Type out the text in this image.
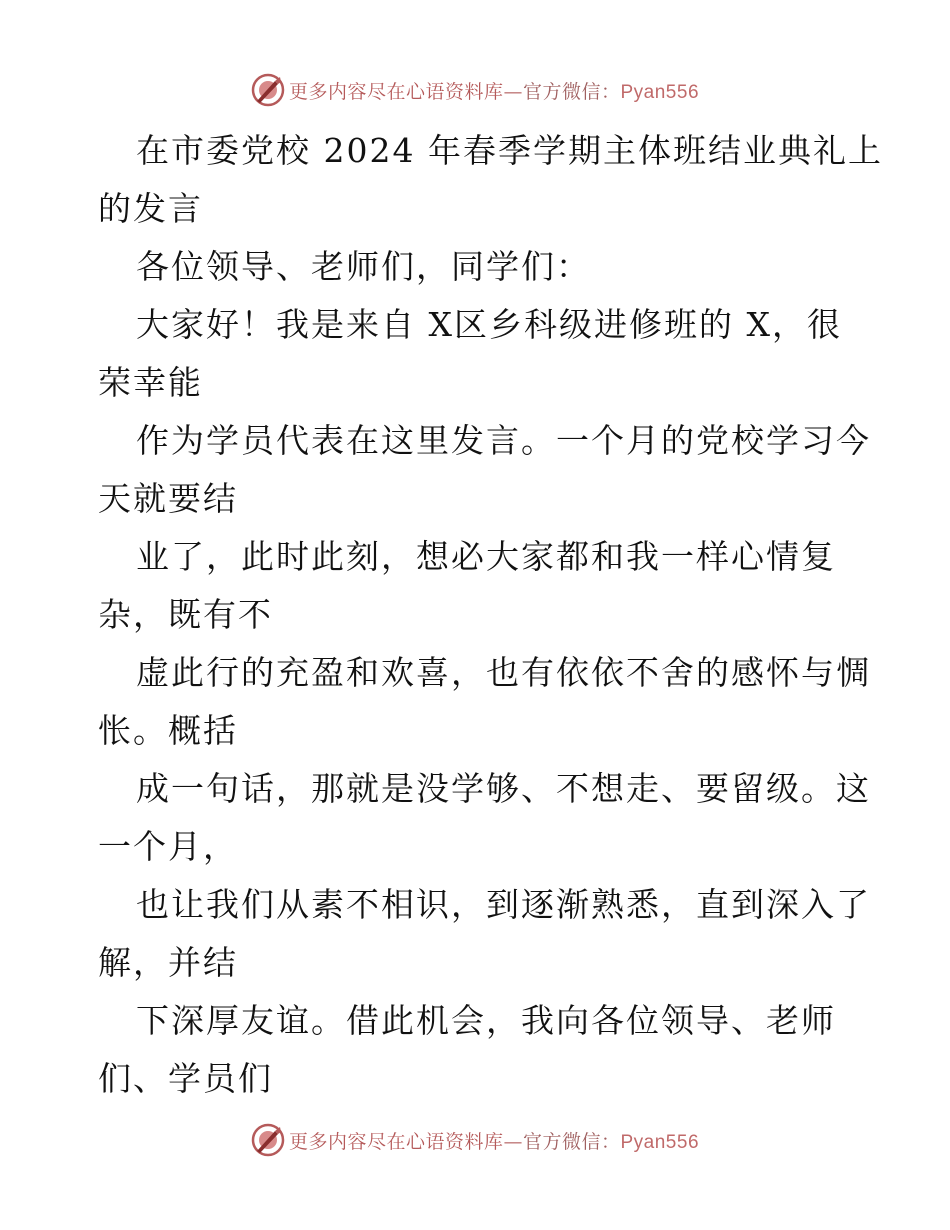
更多内容尽在心语资料库—官方微信：Pyan556
在市委党校 2024 年春季学期主体班结业典礼上
的发言
各位领导、老师们，同学们：
大家好！我是来自 X区乡科级进修班的 X，很
荣幸能
作为学员代表在这里发言。一个月的党校学习今
天就要结
业了，此时此刻，想必大家都和我一样心情复
杂，既有不
虚此行的充盈和欢喜，也有依依不舍的感怀与惆
怅。概括
成一句话，那就是没学够、不想走、要留级。这
一个月，
也让我们从素不相识，到逐渐熟悉，直到深入了
解，并结
下深厚友谊。借此机会，我向各位领导、老师
们、学员们
更多内容尽在心语资料库—官方微信：Pyan556
